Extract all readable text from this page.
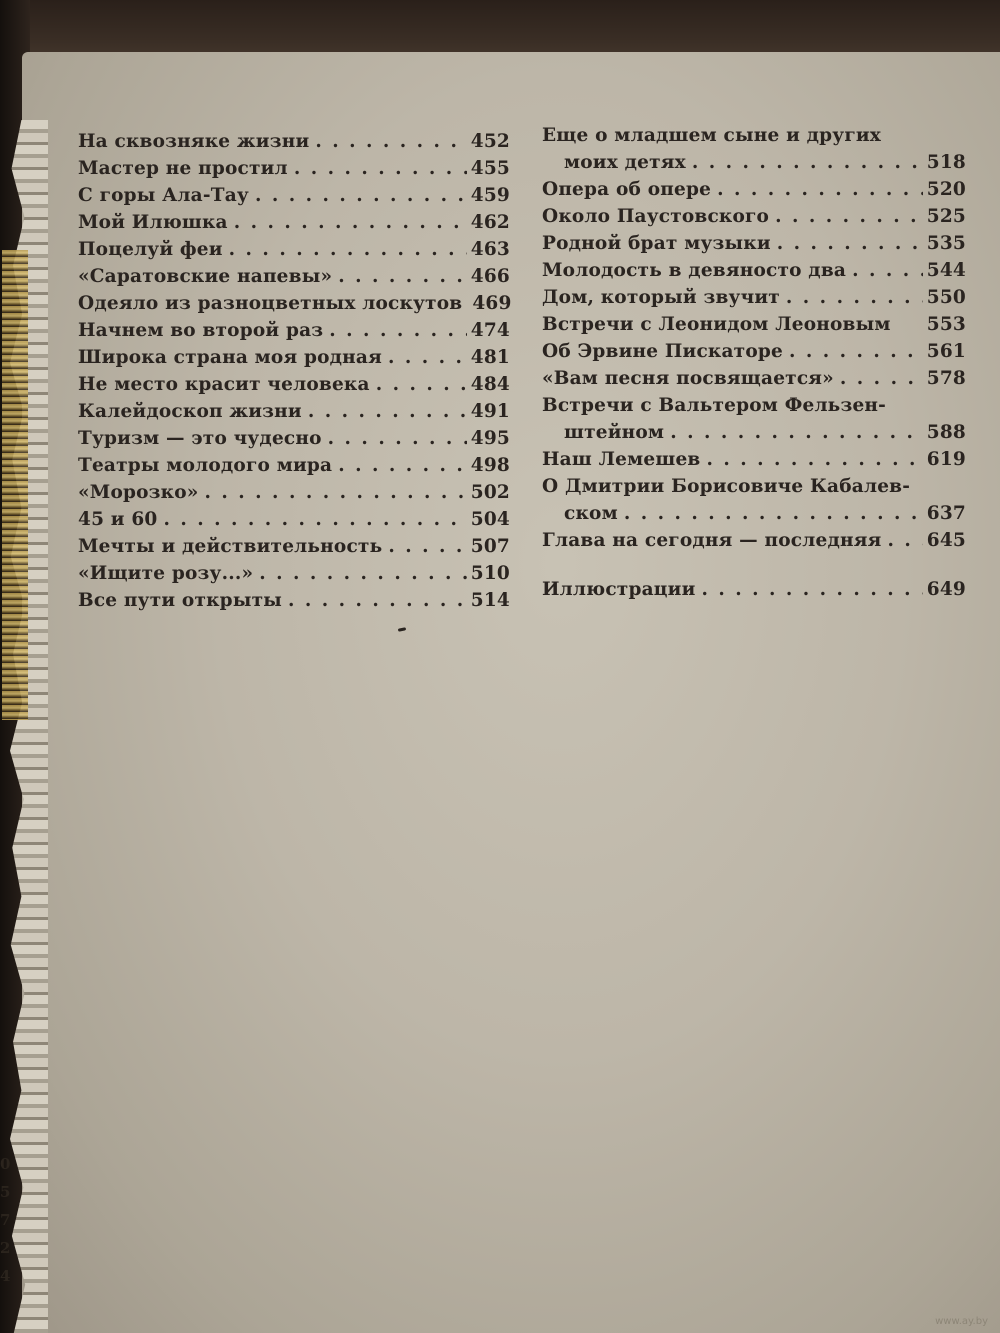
0
5
7
2
4
На сквозняке жизни . . .	452
Мастер не простил . . .	455
С горы Ала-Тау . . .	459
Мой Илюшка . . .	462
Поцелуй феи . . .	463
«Саратовские напевы» . . .	466
Одеяло из разноцветных лоскутов 469
Начнем во второй раз . . .	474
Широка страна моя родная . . .	481
Не место красит человека . . .	484
Калейдоскоп жизни . . .	491
Туризм — это чудесно . . .	495
Театры молодого мира . . .	498
«Морозко» . . .	502
45 и 60 . . .	504
Мечты и действительность . . .	507
«Ищите розу...» . . .	510
Все пути открыты . . .	514
Еще о младшем сыне и других
моих детях . . .	518
Опера об опере . . .	520
Около Паустовского . . .	525
Родной брат музыки . . .	535
Молодость в девяносто два . . .	544
Дом, который звучит . . .	550
Встречи с Леонидом Леоновым 553
Об Эрвине Пискаторе . . .	561
«Вам песня посвящается» . . .	578
Встречи с Вальтером Фельзен-
штейном . . .	588
Наш Лемешев . . .	619
О Дмитрии Борисовиче Кабалев-
ском . . .	637
Глава на сегодня — последняя . . . 645
Иллюстрации . . .	649
www.ay.by
